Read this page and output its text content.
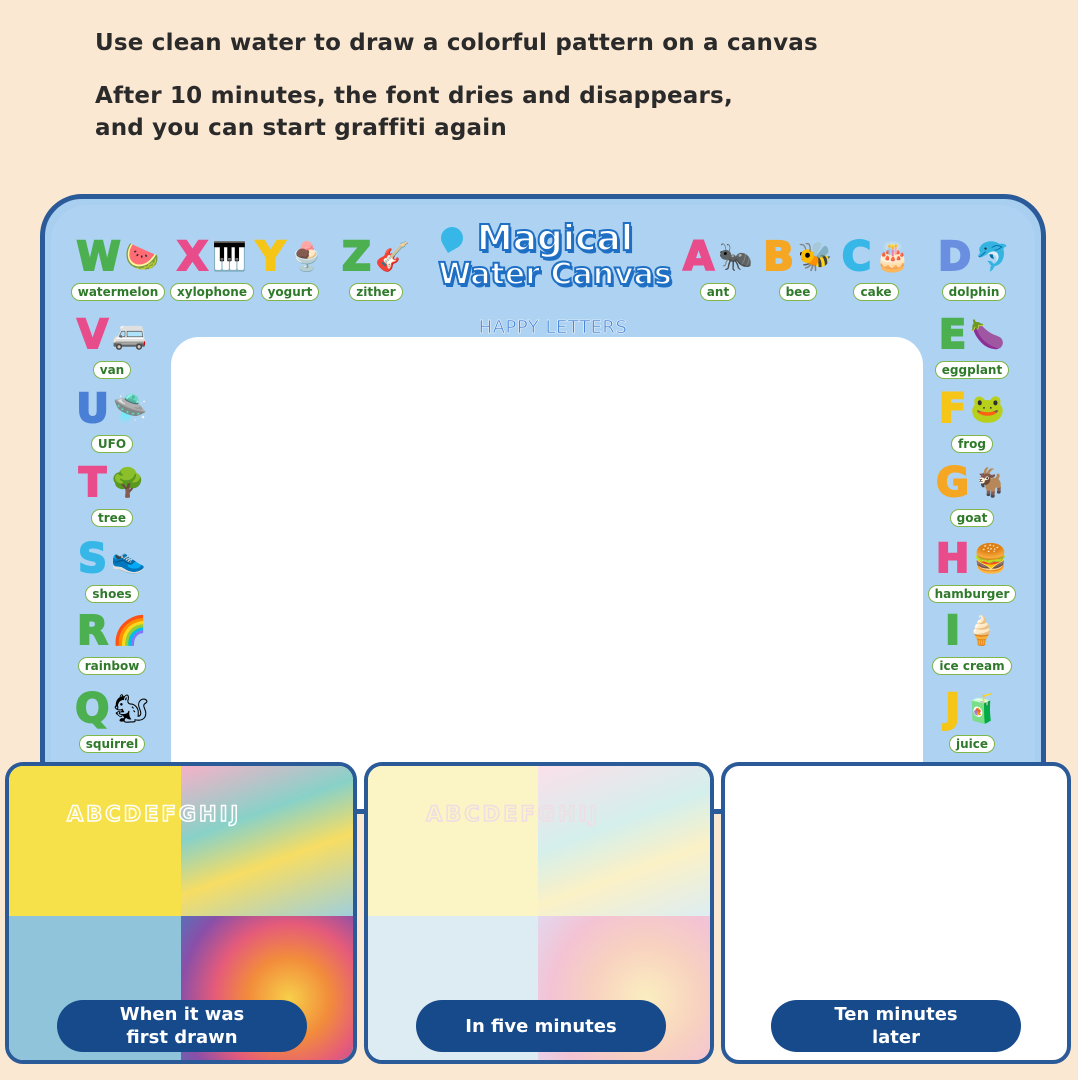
Use clean water to draw a colorful pattern on a canvas

After 10 minutes, the font dries and disappears,
and you can start graffiti again
Magical
Water Canvas
HAPPY LETTERS
W 🍉
watermelon
X 🎹
xylophone
Y 🍨
yogurt
Z 🎸
zither
A 🐜
ant
B 🐝
bee
C 🎂
cake
D 🐬
dolphin
V 🚐
van
U 🛸
UFO
T 🌳
tree
S 👟
shoes
R 🌈
rainbow
Q 🐿
squirrel
E 🍆
eggplant
F 🐸
frog
G 🐐
goat
H 🍔
hamburger
I 🍦
ice cream
J 🧃
juice
ABCDEFGHIJ
When it was
first drawn
ABCDEFGHIJ
In five minutes
Ten minutes
later
